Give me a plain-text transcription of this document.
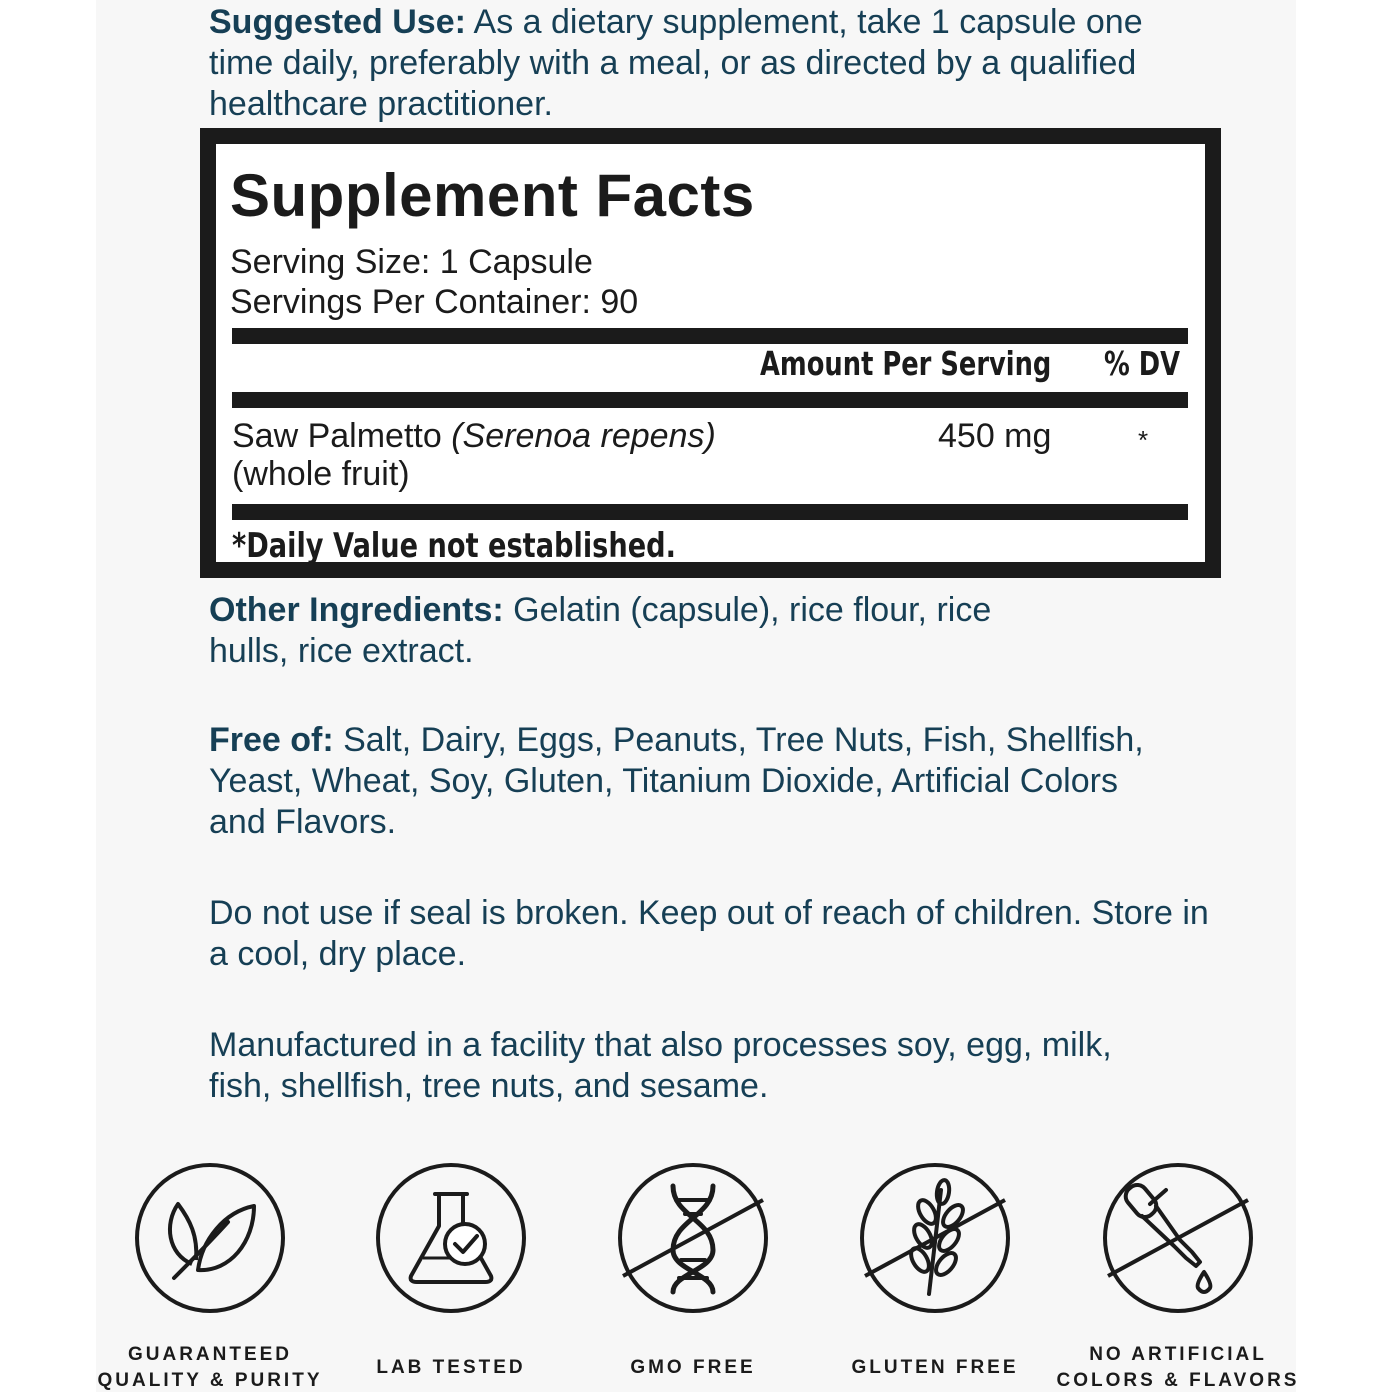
Suggested Use: As a dietary supplement, take 1 capsule one time daily, preferably with a meal, or as directed by a qualified healthcare practitioner.

Supplement Facts
Serving Size: 1 Capsule
Servings Per Container: 90
Amount Per Serving % DV
Saw Palmetto (Serenoa repens)
(whole fruit)
450 mg	*
*Daily Value not established.

Other Ingredients: Gelatin (capsule), rice flour, rice hulls, rice extract.

Free of: Salt, Dairy, Eggs, Peanuts, Tree Nuts, Fish, Shellfish, Yeast, Wheat, Soy, Gluten, Titanium Dioxide, Artificial Colors and Flavors.

Do not use if seal is broken. Keep out of reach of children. Store in a cool, dry place.

Manufactured in a facility that also processes soy, egg, milk, fish, shellfish, tree nuts, and sesame.

GUARANTEED
QUALITY & PURITY
LAB TESTED	GMO FREE	GLUTEN FREE
NO ARTIFICIAL
COLORS & FLAVORS
